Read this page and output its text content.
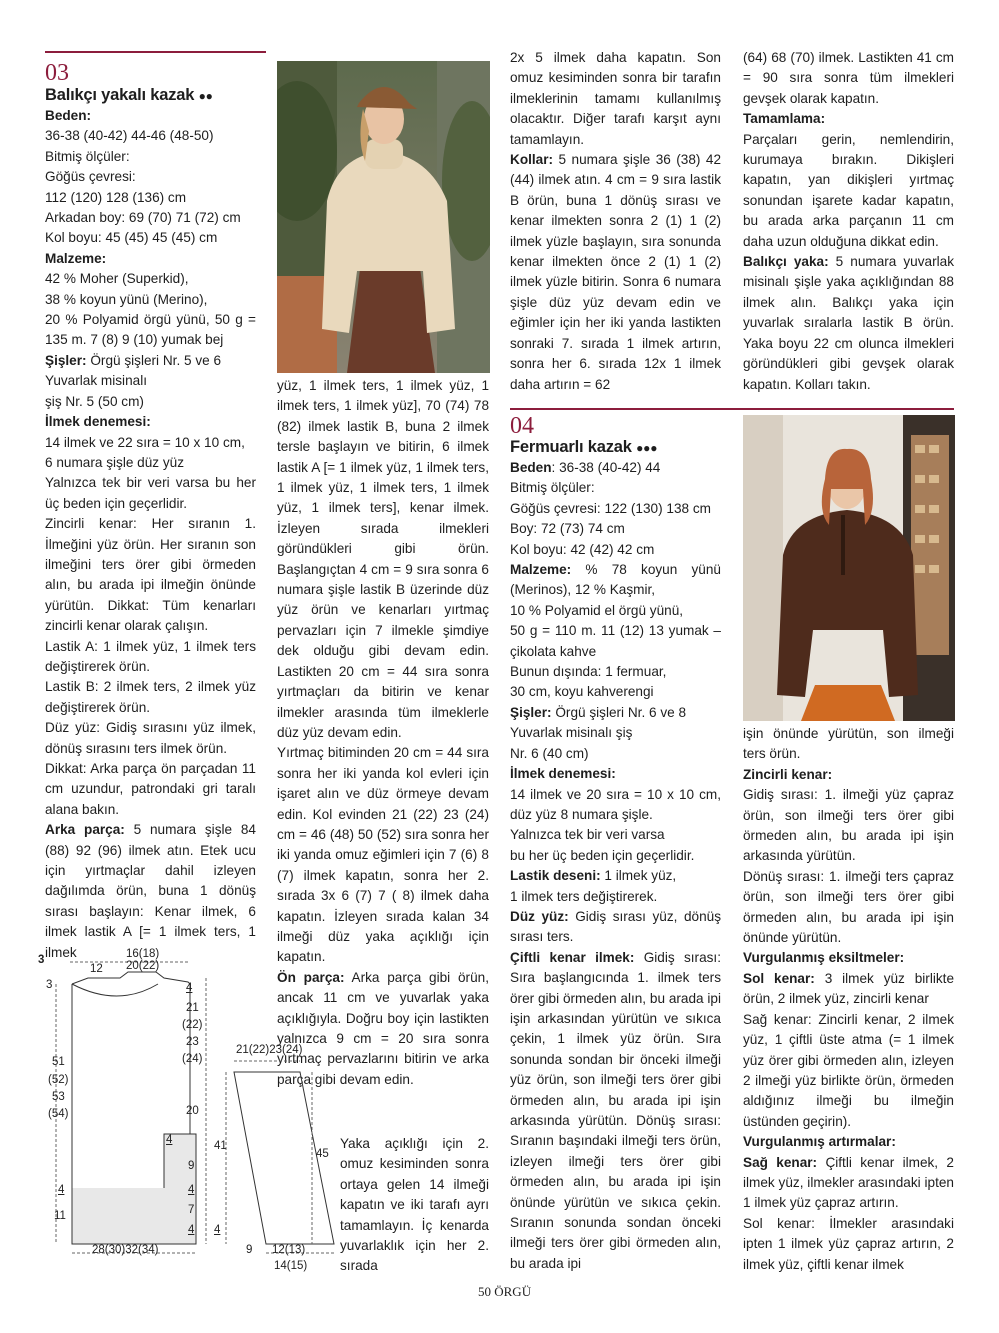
03
Balıkçı yakalı kazak ●●

Beden:

36-38 (40-42) 44-46 (48-50)

Bitmiş ölçüler:

Göğüs çevresi:

112 (120) 128 (136) cm

Arkadan boy: 69 (70) 71 (72) cm

Kol boyu: 45 (45) 45 (45) cm

Malzeme:

42 % Moher (Superkid),

38 % koyun yünü (Merino),

20 % Polyamid örgü yünü, 50 g = 135 m. 7 (8) 9 (10) yumak bej

Şişler: Örgü şişleri Nr. 5 ve 6

Yuvarlak misinalı

şiş Nr. 5 (50 cm)

İlmek denemesi:

14 ilmek ve 22 sıra = 10 x 10 cm,

6 numara şişle düz yüz

Yalnızca tek bir veri varsa bu her üç beden için geçerlidir.

Zincirli kenar: Her sıranın 1. İlmeğini yüz örün. Her sıranın son ilmeğini ters örer gibi örmeden alın, bu arada ipi ilmeğin önünde yürütün. Dikkat: Tüm kenarları zincirli kenar olarak çalışın.

Lastik A: 1 ilmek yüz, 1 ilmek ters değiştirerek örün.

Lastik B: 2 ilmek ters, 2 ilmek yüz değiştirerek örün.

Düz yüz: Gidiş sırasını yüz ilmek, dönüş sırasını ters ilmek örün.

Dikkat: Arka parça ön parçadan 11 cm uzundur, patrondaki gri taralı alana bakın.

Arka parça: 5 numara şişle 84 (88) 92 (96) ilmek atın. Etek ucu için yırtmaçlar dahil izleyen dağılımda örün, buna 1 dönüş sırası başlayın: Kenar ilmek, 6 ilmek lastik A [= 1 ilmek ters, 1 ilmek

yüz, 1 ilmek ters, 1 ilmek yüz, 1 ilmek ters, 1 ilmek yüz], 70 (74) 78 (82) ilmek lastik B, buna 2 ilmek tersle başlayın ve bitirin, 6 ilmek lastik A [= 1 ilmek yüz, 1 ilmek ters, 1 ilmek yüz, 1 ilmek ters, 1 ilmek yüz, 1 ilmek ters], kenar ilmek. İzleyen sırada ilmekleri göründükleri gibi örün. Başlangıçtan 4 cm = 9 sıra sonra 6 numara şişle lastik B üzerinde düz yüz örün ve kenarları yırtmaç pervazları için 7 ilmekle şimdiye dek olduğu gibi devam edin. Lastikten 20 cm = 44 sıra sonra yırtmaçları da bitirin ve kenar ilmekler arasında tüm ilmeklerle düz yüz devam edin.

Yırtmaç bitiminden 20 cm = 44 sıra sonra her iki yanda kol evleri için işaret alın ve düz örmeye devam edin. Kol evinden 21 (22) 23 (24) cm = 46 (48) 50 (52) sıra sonra her iki yanda omuz eğimleri için 7 (6) 8 (7) ilmek kapatın, sonra her 2. sırada 3x 6 (7) 7 ( 8) ilmek daha kapatın. İzleyen sırada kalan 34 ilmeği düz yaka açıklığı için kapatın.

Ön parça: Arka parça gibi örün, ancak 11 cm ve yuvarlak yaka açıklığıyla. Doğru boy için lastikten yalnızca 9 cm = 20 sıra sonra yırtmaç pervazlarını bitirin ve arka parça gibi devam edin.

Yaka açıklığı için 2. omuz kesiminden sonra ortaya gelen 14 ilmeği kapatın ve iki tarafı ayrı tamamlayın. İç kenarda yuvarlaklık için her 2. sırada

2x 5 ilmek daha kapatın. Son omuz kesiminden sonra bir tarafın ilmeklerinin tamamı kullanılmış olacaktır. Diğer tarafı karşıt aynı tamamlayın.

Kollar: 5 numara şişle 36 (38) 42 (44) ilmek atın. 4 cm = 9 sıra lastik B örün, buna 1 dönüş sırası ve kenar ilmekten sonra 2 (1) 1 (2) ilmek yüzle başlayın, sıra sonunda kenar ilmekten önce 2 (1) 1 (2) ilmek yüzle bitirin. Sonra 6 numara şişle düz yüz devam edin ve eğimler için her iki yanda lastikten sonraki 7. sırada 1 ilmek artırın, sonra her 6. sırada 12x 1 ilmek daha artırın = 62

(64) 68 (70) ilmek. Lastikten 41 cm = 90 sıra sonra tüm ilmekleri gevşek olarak kapatın.

Tamamlama:

Parçaları gerin, nemlendirin, kurumaya bırakın. Dikişleri kapatın, yan dikişleri yırtmaç sonundan işarete kadar kapatın, bu arada arka parçanın 11 cm daha uzun olduğuna dikkat edin.

Balıkçı yaka: 5 numara yuvarlak misinalı şişle yaka açıklığından 88 ilmek alın. Balıkçı yaka için yuvarlak sıralarla lastik B örün. Yaka boyu 22 cm olunca ilmekleri göründükleri gibi gevşek olarak kapatın. Kolları takın.

04
Fermuarlı kazak ●●●

Beden: 36-38 (40-42) 44

Bitmiş ölçüler:

Göğüs çevresi: 122 (130) 138 cm

Boy: 72 (73) 74 cm

Kol boyu: 42 (42) 42 cm

Malzeme: % 78 koyun yünü (Merinos), 12 % Kaşmir,

10 % Polyamid el örgü yünü,

50 g = 110 m. 11 (12) 13 yumak – çikolata kahve

Bunun dışında: 1 fermuar,

30 cm, koyu kahverengi

Şişler: Örgü şişleri Nr. 6 ve 8

Yuvarlak misinalı şiş

Nr. 6 (40 cm)

İlmek denemesi:

14 ilmek ve 20 sıra = 10 x 10 cm, düz yüz 8 numara şişle.

Yalnızca tek bir veri varsa

bu her üç beden için geçerlidir.

Lastik deseni: 1 ilmek yüz,

1 ilmek ters değiştirerek.

Düz yüz: Gidiş sırası yüz, dönüş sırası ters.

Çiftli kenar ilmek: Gidiş sırası: Sıra başlangıcında 1. ilmek ters örer gibi örmeden alın, bu arada ipi işin arkasından yürütün ve sıkıca çekin, 1 ilmek yüz örün. Sıra sonunda sondan bir önceki ilmeği yüz örün, son ilmeği ters örer gibi örmeden alın, bu arada ipi işin arkasında yürütün. Dönüş sırası: Sıranın başındaki ilmeği ters örün, izleyen ilmeği ters örer gibi örmeden alın, bu arada ipi işin önünde yürütün ve sıkıca çekin. Sıranın sonunda sondan önceki ilmeği ters örer gibi örmeden alın, bu arada ipi

işin önünde yürütün, son ilmeği ters örün.

Zincirli kenar:

Gidiş sırası: 1. ilmeği yüz çapraz örün, son ilmeği ters örer gibi örmeden alın, bu arada ipi işin arkasında yürütün.

Dönüş sırası: 1. ilmeği ters çapraz örün, son ilmeği ters örer gibi örmeden alın, bu arada ipi işin önünde yürütün.

Vurgulanmış eksiltmeler:

Sol kenar: 3 ilmek yüz birlikte örün, 2 ilmek yüz, zincirli kenar

Sağ kenar: Zincirli kenar, 2 ilmek yüz, 1 çiftli üste atma (= 1 ilmek yüz örer gibi örmeden alın, izleyen 2 ilmeği yüz birlikte örün, örmeden aldığınız ilmeği bu ilmeğin üstünden geçirin).

Vurgulanmış artırmalar:

Sağ kenar: Çiftli kenar ilmek, 2 ilmek yüz, ilmekler arasındaki ipten 1 ilmek yüz çapraz artırın.

Sol kenar: İlmekler arasındaki ipten 1 ilmek yüz çapraz artırın, 2 ilmek yüz, çiftli kenar ilmek

3	16(18)
12 20(22)
3
51
(52)
53
(54)
4
11
4
21
(22)
23
(24)
20
4
9
4
7
4
28(30)32(34)
21(22)23(24)
41
45
4
9 12(13)
14(15)
50 ÖRGÜ
